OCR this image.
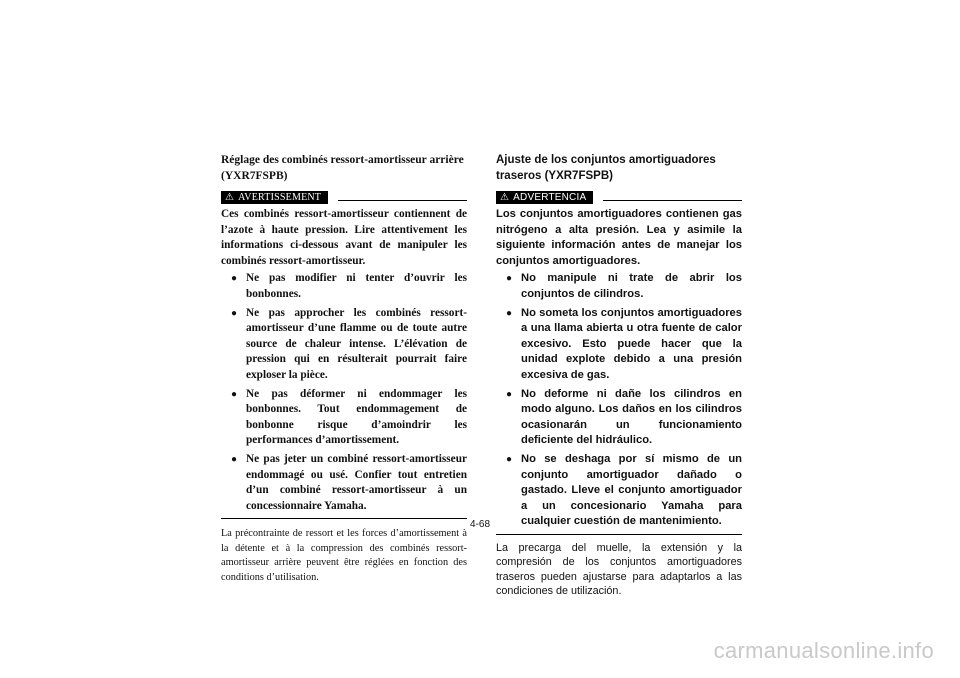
Réglage des combinés ressort-amortisseur arrière (YXR7FSPB)

⚠ AVERTISSEMENT

Ces combinés ressort-amortisseur contiennent de l’azote à haute pression. Lire attentivement les informations ci-dessous avant de manipuler les combinés ressort-amortisseur.

● Ne pas modifier ni tenter d’ouvrir les bonbonnes.
● Ne pas approcher les combinés ressort-amortisseur d’une flamme ou de toute autre source de chaleur intense. L’élévation de pression qui en résulterait pourrait faire exploser la pièce.
● Ne pas déformer ni endommager les bonbonnes. Tout endommagement de bonbonne risque d’amoindrir les performances d’amortissement.
● Ne pas jeter un combiné ressort-amortisseur endommagé ou usé. Confier tout entretien d’un combiné ressort-amortisseur à un concessionnaire Yamaha.

La précontrainte de ressort et les forces d’amortissement à la détente et à la compression des combinés ressort-amortisseur arrière peuvent être réglées en fonction des conditions d’utilisation.

Ajuste de los conjuntos amortiguadores traseros (YXR7FSPB)

⚠ ADVERTENCIA

Los conjuntos amortiguadores contienen gas nitrógeno a alta presión. Lea y asimile la siguiente información antes de manejar los conjuntos amortiguadores.

● No manipule ni trate de abrir los conjuntos de cilindros.
● No someta los conjuntos amortiguadores a una llama abierta u otra fuente de calor excesivo. Esto puede hacer que la unidad explote debido a una presión excesiva de gas.
● No deforme ni dañe los cilindros en modo alguno. Los daños en los cilindros ocasionarán un funcionamiento deficiente del hidráulico.
● No se deshaga por sí mismo de un conjunto amortiguador dañado o gastado. Lleve el conjunto amortiguador a un concesionario Yamaha para cualquier cuestión de mantenimiento.

La precarga del muelle, la extensión y la compresión de los conjuntos amortiguadores traseros pueden ajustarse para adaptarlos a las condiciones de utilización.

4-68
carmanualsonline.info
